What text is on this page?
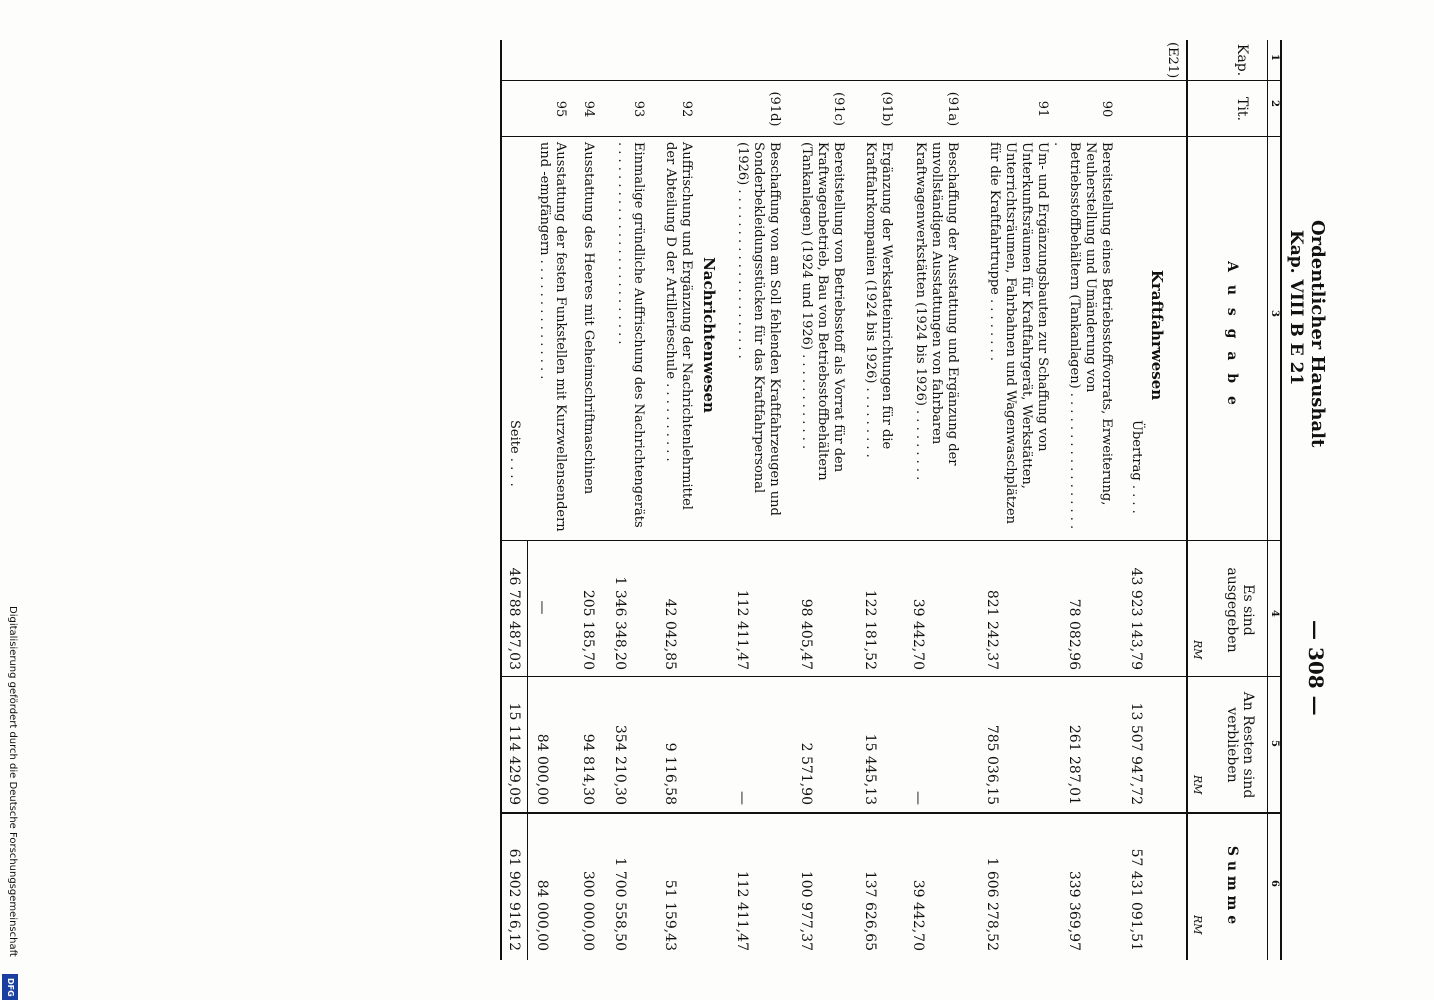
Ordentlicher Haushalt
— 308 —
Kap. VIII B E 21
1
2
3
4
5
6
Kap.
Tit.
A u s g a b e
Es sind ausgegeben
An Resten sind verblieben
S u m m e
RM
RM
RM
(E21)
Kraftfahrwesen
Übertrag . . . .
43 923 143,79
13 507 947,72
57 431 091,51
90
Bereitstellung eines Betriebsstoffvorrats, Erweiterung, Neuherstellung und Umänderung von Betriebsstoffbehältern (Tankanlagen) . . . . . . . . . . . . . . . . . .
78 082,96
261 287,01
339 369,97
91
Um- und Ergänzungsbauten zur Schaffung von Unterkunftsräumen für Kraftfahrgerät, Werkstätten, Unterrichtsräumen, Fahrbahnen und Wagenwaschplätzen für die Kraftfahrtruppe . . . . . . . .
821 242,37
785 036,15
1 606 278,52
(91a)
Beschaffung der Ausstattung und Ergänzung der unvollständigen Ausstattungen von fahrbaren Kraftwagenwerkstätten (1924 bis 1926) . . . . . . . . .
39 442,70
—
39 442,70
(91b)
Ergänzung der Werkstatteinrichtungen für die Kraftfahrkompanien (1924 bis 1926) . . . . . . . . .
122 181,52
15 445,13
137 626,65
(91c)
Bereitstellung von Betriebsstoff als Vorrat für den Kraftwagenbetrieb, Bau von Betriebsstoffbehältern (Tankanlagen) (1924 und 1926) . . . . . . . . . . . .
98 405,47
2 571,90
100 977,37
(91d)
Beschaffung von am Soll fehlenden Kraftfahrzeugen und Sonderbekleidungsstücken für das Kraftfahrpersonal (1926) . . . . . . . . . . . . . . . . . . . . .
112 411,47
—
112 411,47
Nachrichtenwesen
92
Auffrischung und Ergänzung der Nachrichtenlehrmittel der Abteilung D der Artillerieschule . . . . . . . . . .
42 042,85
9 116,58
51 159,43
93
Einmalige gründliche Auffrischung des Nachrichtengeräts . . . . . . . . . . . . . . . . . . . . . . . . .
1 346 348,20
354 210,30
1 700 558,50
94
Ausstattung des Heeres mit Geheimschriftmaschinen
205 185,70
94 814,30
300 000,00
95
Ausstattung der festen Funkstellen mit Kurzwellensendern und -empfängern . . . . . . . . . . . . . . .
—
84 000,00
84 000,00
Seite . . . .
46 788 487,03
15 114 429,09
61 902 916,12
Digitalisierung gefördert durch die Deutsche Forschungsgemeinschaft
DFG
